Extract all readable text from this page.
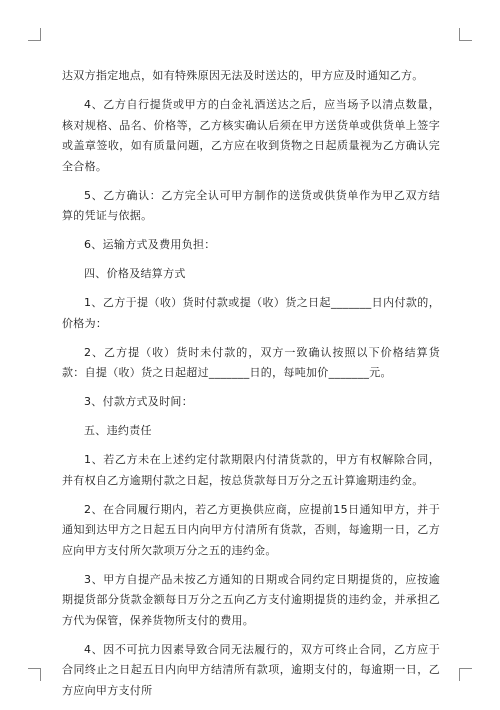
达双方指定地点，如有特殊原因无法及时送达的，甲方应及时通知乙方。

4、乙方自行提货或甲方的白金礼酒送达之后，应当场予以清点数量，核对规格、品名、价格等，乙方核实确认后须在甲方送货单或供货单上签字或盖章签收，如有质量问题，乙方应在收到货物之日起质量视为乙方确认完全合格。

5、乙方确认：乙方完全认可甲方制作的送货或供货单作为甲乙双方结算的凭证与依据。

6、运输方式及费用负担：

四、价格及结算方式

1、乙方于提（收）货时付款或提（收）货之日起_______日内付款的，价格为：

2、乙方提（收）货时未付款的，双方一致确认按照以下价格结算货款：自提（收）货之日起超过_______日的，每吨加价_______元。

3、付款方式及时间：

五、违约责任

1、若乙方未在上述约定付款期限内付清货款的，甲方有权解除合同，并有权自乙方逾期付款之日起，按总货款每日万分之五计算逾期违约金。

2、在合同履行期内，若乙方更换供应商，应提前15日通知甲方，并于通知到达甲方之日起五日内向甲方付清所有货款，否则，每逾期一日，乙方应向甲方支付所欠款项万分之五的违约金。

3、甲方自提产品未按乙方通知的日期或合同约定日期提货的，应按逾期提货部分货款金额每日万分之五向乙方支付逾期提货的违约金，并承担乙方代为保管，保养货物所支付的费用。

4、因不可抗力因素导致合同无法履行的，双方可终止合同，乙方应于合同终止之日起五日内向甲方结清所有款项，逾期支付的，每逾期一日，乙方应向甲方支付所
